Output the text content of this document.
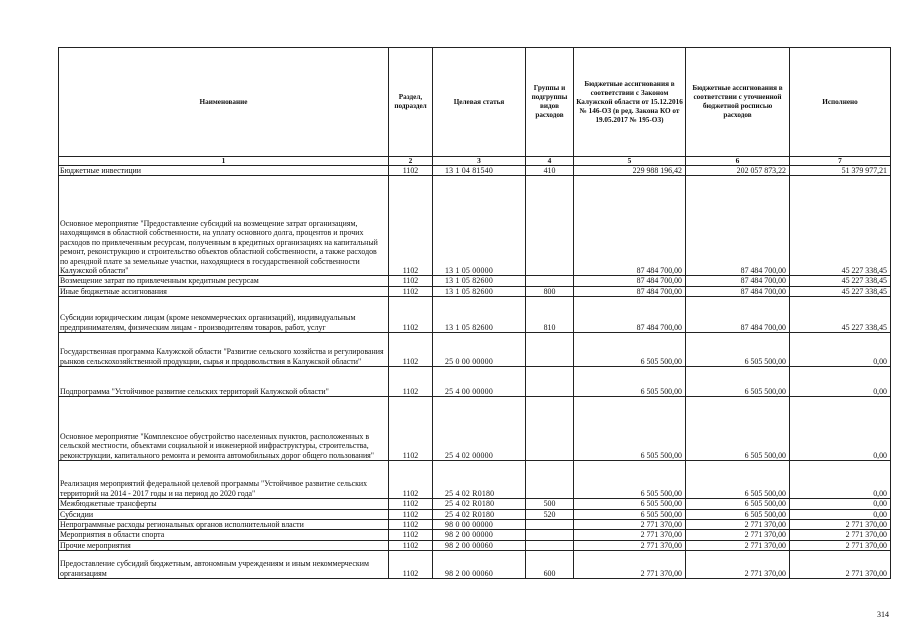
Наименование	Раздел, подраздел	Целевая статья	Группы и подгруппы видов расходов	Бюджетные ассигнования в соответствии с Законом Калужской области от 15.12.2016 № 146-ОЗ (в ред. Закона КО от 19.05.2017 № 195-ОЗ)	Бюджетные ассигнования в соответствии с уточненной бюджетной росписью расходов	Исполнено
1	2	3	4	5	6	7
Бюджетные инвестиции	1102	13 1 04 81540	410	229 988 196,42	202 057 873,22	51 379 977,21
Основное мероприятие "Предоставление субсидий на возмещение затрат организациям, находящимся в областной собственности, на уплату основного долга, процентов и прочих расходов по привлеченным ресурсам, полученным в кредитных организациях на капитальный ремонт, реконструкцию и строительство объектов областной собственности, а также расходов по арендной плате за земельные участки, находящиеся в государственной собственности Калужской области"	1102	13 1 05 00000		87 484 700,00	87 484 700,00	45 227 338,45
Возмещение затрат по привлеченным кредитным ресурсам	1102	13 1 05 82600		87 484 700,00	87 484 700,00	45 227 338,45
Иные бюджетные ассигнования	1102	13 1 05 82600	800	87 484 700,00	87 484 700,00	45 227 338,45
Субсидии юридическим лицам (кроме некоммерческих организаций), индивидуальным предпринимателям, физическим лицам - производителям товаров, работ, услуг	1102	13 1 05 82600	810	87 484 700,00	87 484 700,00	45 227 338,45
Государственная программа Калужской области "Развитие сельского хозяйства и регулирования рынков сельскохозяйственной продукции, сырья и продовольствия в Калужской области"	1102	25 0 00 00000		6 505 500,00	6 505 500,00	0,00
Подпрограмма "Устойчивое развитие сельских территорий Калужской области"	1102	25 4 00 00000		6 505 500,00	6 505 500,00	0,00
Основное мероприятие "Комплексное обустройство населенных пунктов, расположенных в сельской местности, объектами социальной и инженерной инфраструктуры, строительства, реконструкции, капитального ремонта и ремонта автомобильных дорог общего пользования"	1102	25 4 02 00000		6 505 500,00	6 505 500,00	0,00
Реализация мероприятий федеральной целевой программы "Устойчивое развитие сельских территорий на 2014 - 2017 годы и на период до 2020 года"	1102	25 4 02 R0180		6 505 500,00	6 505 500,00	0,00
Межбюджетные трансферты	1102	25 4 02 R0180	500	6 505 500,00	6 505 500,00	0,00
Субсидии	1102	25 4 02 R0180	520	6 505 500,00	6 505 500,00	0,00
Непрограммные расходы региональных органов исполнительной власти	1102	98 0 00 00000		2 771 370,00	2 771 370,00	2 771 370,00
Мероприятия в области спорта	1102	98 2 00 00000		2 771 370,00	2 771 370,00	2 771 370,00
Прочие мероприятия	1102	98 2 00 00060		2 771 370,00	2 771 370,00	2 771 370,00
Предоставление субсидий бюджетным, автономным учреждениям и иным некоммерческим организациям	1102	98 2 00 00060	600	2 771 370,00	2 771 370,00	2 771 370,00
314
